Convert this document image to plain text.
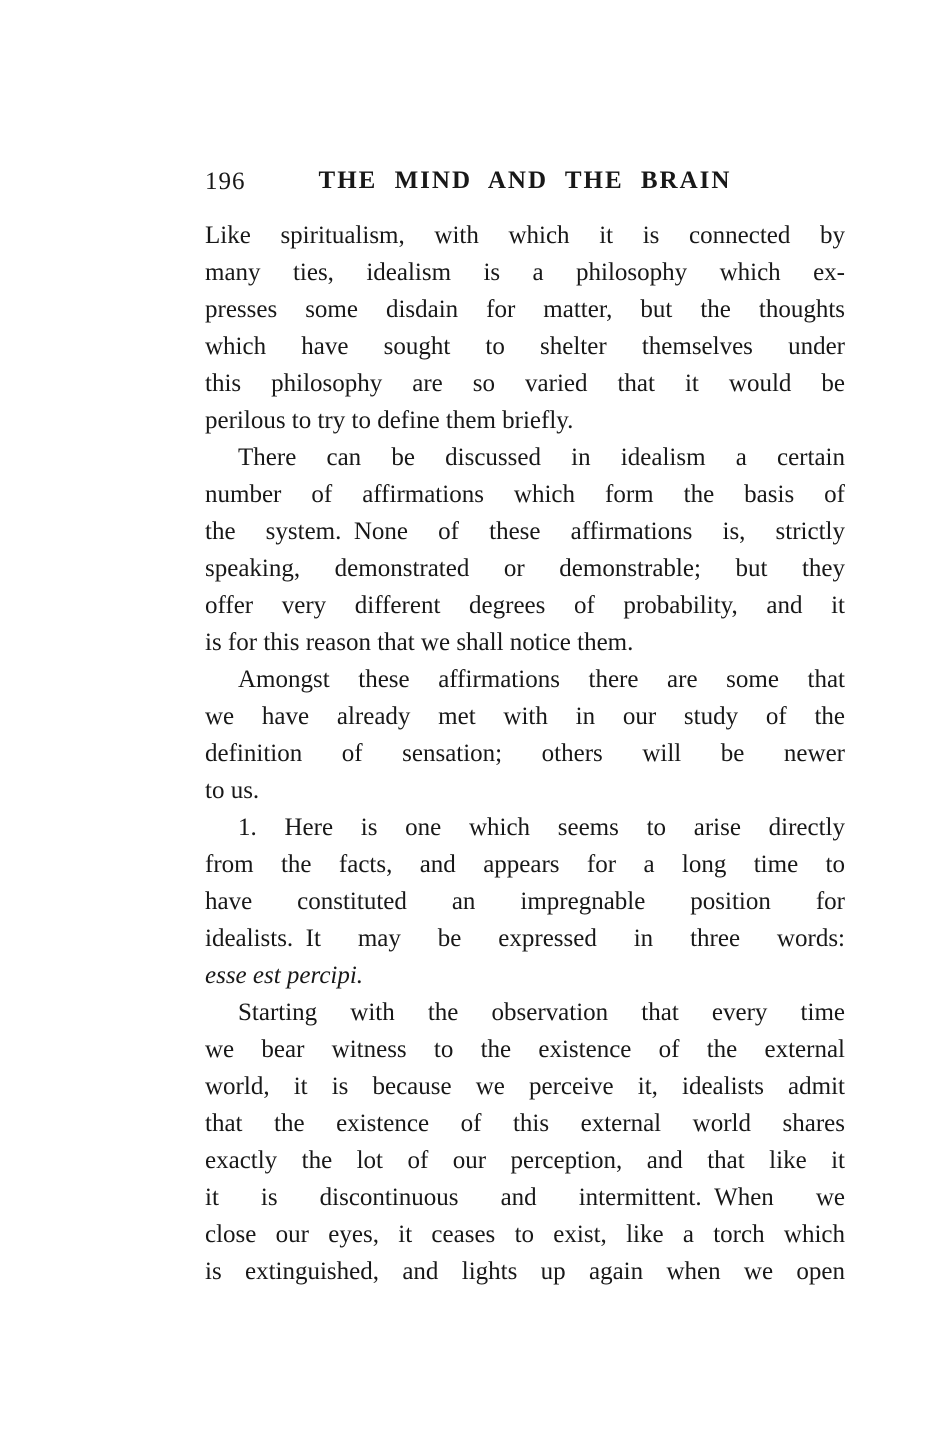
196	THE MIND AND THE BRAIN
Like spiritualism, with which it is connected by
many ties, idealism is a philosophy which ex-
presses some disdain for matter, but the thoughts
which have sought to shelter themselves under
this philosophy are so varied that it would be
perilous to try to define them briefly.
There can be discussed in idealism a certain
number of affirmations which form the basis of
the system. None of these affirmations is, strictly
speaking, demonstrated or demonstrable; but they
offer very different degrees of probability, and it
is for this reason that we shall notice them.
Amongst these affirmations there are some that
we have already met with in our study of the
definition of sensation; others will be newer
to us.
1. Here is one which seems to arise directly
from the facts, and appears for a long time to
have constituted an impregnable position for
idealists. It may be expressed in three words:
esse est percipi.
Starting with the observation that every time
we bear witness to the existence of the external
world, it is because we perceive it, idealists admit
that the existence of this external world shares
exactly the lot of our perception, and that like it
it is discontinuous and intermittent. When we
close our eyes, it ceases to exist, like a torch which
is extinguished, and lights up again when we open
